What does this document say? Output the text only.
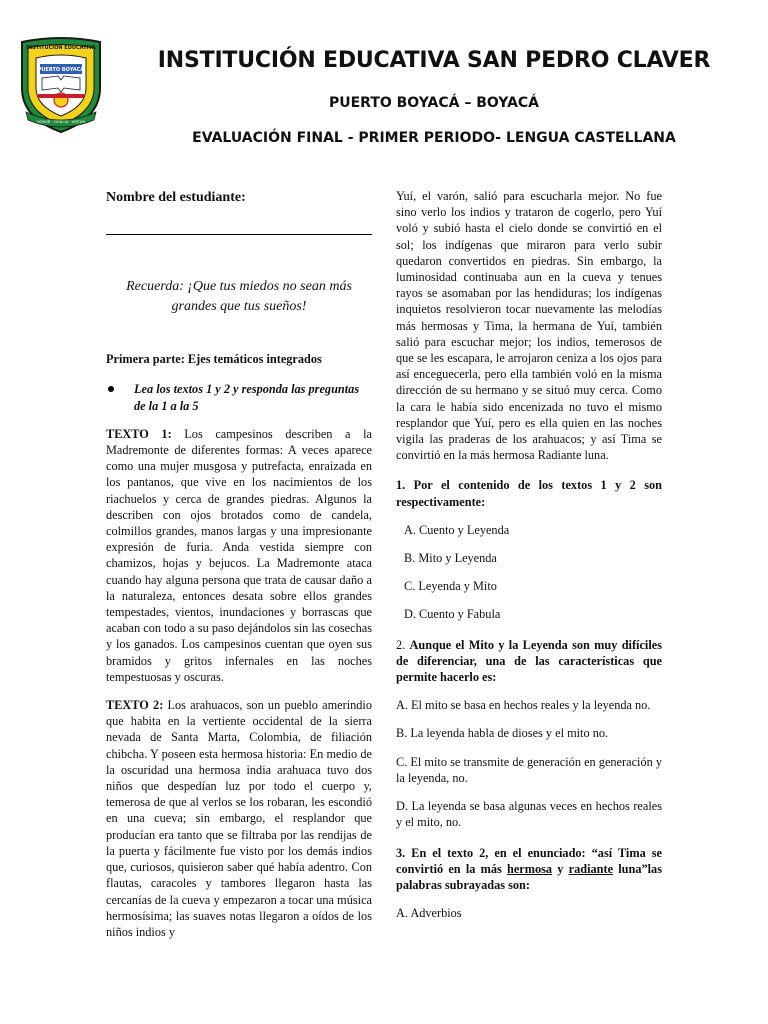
INSTITUCIÓN EDUCATIVA
PUERTO BOYACÁ
HONOR · CIENCIA · VIRTUD
INSTITUCIÓN EDUCATIVA SAN PEDRO CLAVER
PUERTO BOYACÁ – BOYACÁ
EVALUACIÓN FINAL - PRIMER PERIODO- LENGUA CASTELLANA

Nombre del estudiante:

Recuerda: ¡Que tus miedos no sean más grandes que tus sueños!

Primera parte: Ejes temáticos integrados

Lea los textos 1 y 2 y responda las preguntas de la 1 a la 5

TEXTO 1: Los campesinos describen a la Madremonte de diferentes formas: A veces aparece como una mujer musgosa y putrefacta, enraizada en los pantanos, que vive en los nacimientos de los riachuelos y cerca de grandes piedras. Algunos la describen con ojos brotados como de candela, colmillos grandes, manos largas y una impresionante expresión de furia. Anda vestida siempre con chamizos, hojas y bejucos. La Madremonte ataca cuando hay alguna persona que trata de causar daño a la naturaleza, entonces desata sobre ellos grandes tempestades, vientos, inundaciones y borrascas que acaban con todo a su paso dejándolos sin las cosechas y los ganados. Los campesinos cuentan que oyen sus bramidos y gritos infernales en las noches tempestuosas y oscuras.

TEXTO 2: Los arahuacos, son un pueblo amerindio que habita en la vertiente occidental de la sierra nevada de Santa Marta, Colombia, de filiación chibcha. Y poseen esta hermosa historia: En medio de la oscuridad una hermosa india arahuaca tuvo dos niños que despedían luz por todo el cuerpo y, temerosa de que al verlos se los robaran, les escondió en una cueva; sin embargo, el resplandor que producían era tanto que se filtraba por las rendijas de la puerta y fácilmente fue visto por los demás indios que, curiosos, quisieron saber qué había adentro. Con flautas, caracoles y tambores llegaron hasta las cercanías de la cueva y empezaron a tocar una música hermosísima; las suaves notas llegaron a oídos de los niños indios y

Yuí, el varón, salió para escucharla mejor. No fue sino verlo los indios y trataron de cogerlo, pero Yuí voló y subió hasta el cielo donde se convirtió en el sol; los indígenas que miraron para verlo subir quedaron convertidos en piedras. Sin embargo, la luminosidad continuaba aun en la cueva y tenues rayos se asomaban por las hendiduras; los indígenas inquietos resolvieron tocar nuevamente las melodías más hermosas y Tima, la hermana de Yuí, también salió para escuchar mejor; los indios, temerosos de que se les escapara, le arrojaron ceniza a los ojos para así enceguecerla, pero ella también voló en la misma dirección de su hermano y se situó muy cerca. Como la cara le había sido encenizada no tuvo el mismo resplandor que Yuí, pero es ella quien en las noches vigila las praderas de los arahuacos; y así Tima se convirtió en la más hermosa Radiante luna.

1. Por el contenido de los textos 1 y 2 son respectivamente:

A. Cuento y Leyenda
B. Mito y Leyenda
C. Leyenda y Mito
D. Cuento y Fabula

2. Aunque el Mito y la Leyenda son muy difíciles de diferenciar, una de las características que permite hacerlo es:

A. El mito se basa en hechos reales y la leyenda no.

B. La leyenda habla de dioses y el mito no.

C. El mito se transmite de generación en generación y la leyenda, no.

D. La leyenda se basa algunas veces en hechos reales y el mito, no.

3. En el texto 2, en el enunciado: “así Tima se convirtió en la más hermosa y radiante luna”las palabras subrayadas son:

A. Adverbios
